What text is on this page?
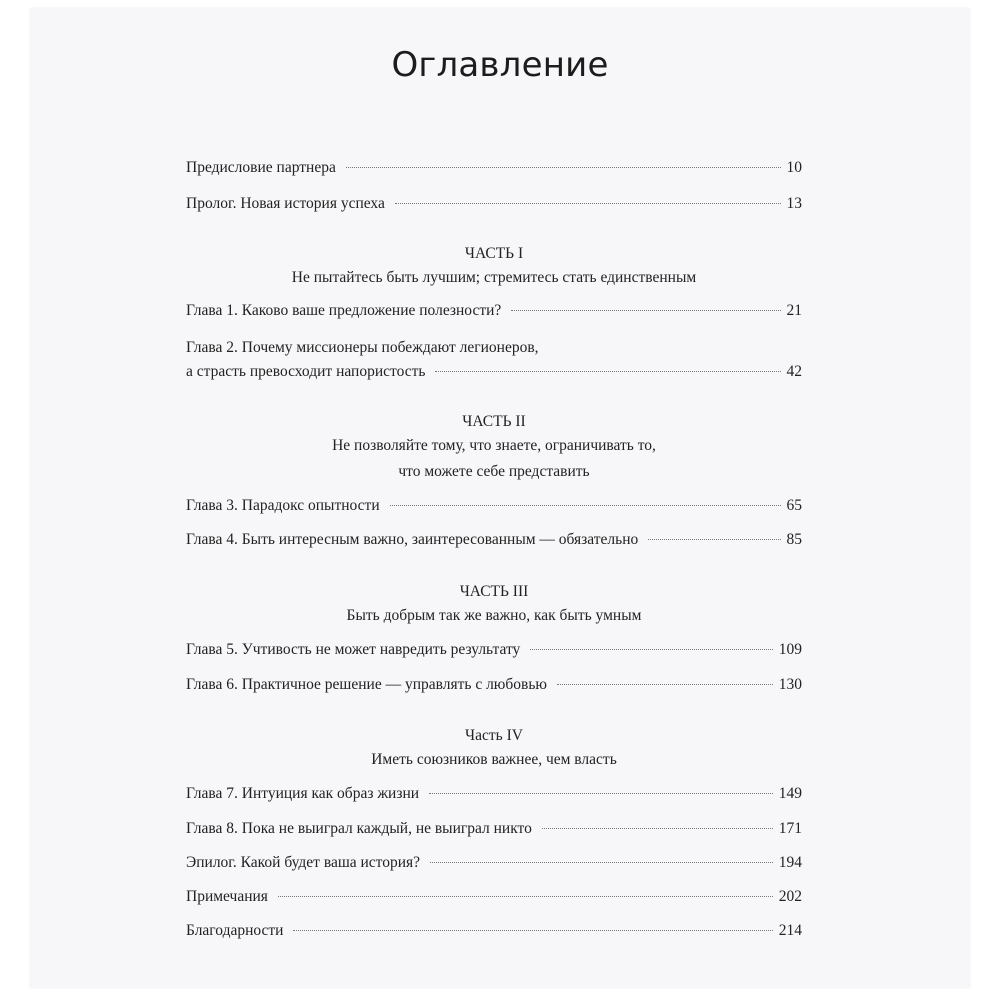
Оглавление
Предисловие партнера	10
Пролог. Новая история успеха	13
ЧАСТЬ I
Не пытайтесь быть лучшим; стремитесь стать единственным
Глава 1. Каково ваше предложение полезности?	21
Глава 2. Почему миссионеры побеждают легионеров,
а страсть превосходит напористость	42
ЧАСТЬ II
Не позволяйте тому, что знаете, ограничивать то,
что можете себе представить
Глава 3. Парадокс опытности	65
Глава 4. Быть интересным важно, заинтересованным — обязательно	85
ЧАСТЬ III
Быть добрым так же важно, как быть умным
Глава 5. Учтивость не может навредить результату	109
Глава 6. Практичное решение — управлять с любовью	130
Часть IV
Иметь союзников важнее, чем власть
Глава 7. Интуиция как образ жизни	149
Глава 8. Пока не выиграл каждый, не выиграл никто	171
Эпилог. Какой будет ваша история?	194
Примечания	202
Благодарности	214
